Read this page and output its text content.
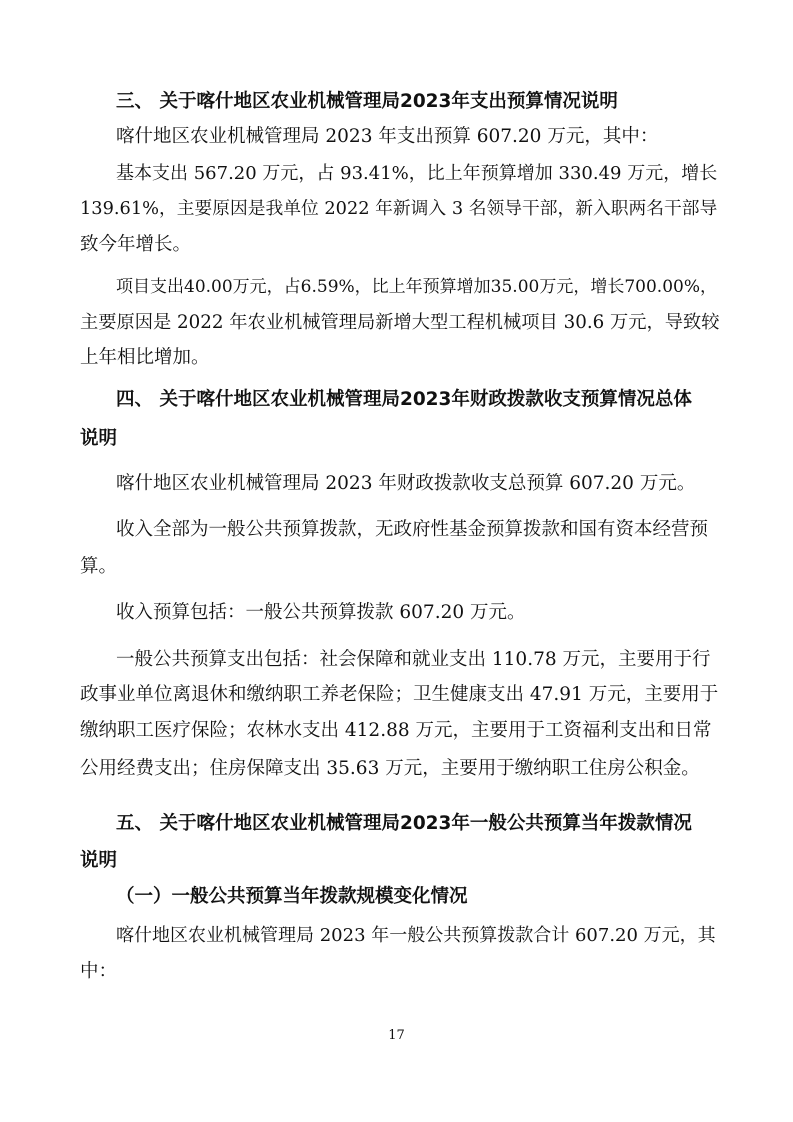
三、 关于喀什地区农业机械管理局2023年支出预算情况说明
喀什地区农业机械管理局 2023 年支出预算 607.20 万元，其中：
基本支出 567.20 万元，占 93.41%，比上年预算增加 330.49 万元，增长
139.61%，主要原因是我单位 2022 年新调入 3 名领导干部，新入职两名干部导
致今年增长。
项目支出40.00万元，占6.59%，比上年预算增加35.00万元，增长700.00%，
主要原因是 2022 年农业机械管理局新增大型工程机械项目 30.6 万元，导致较
上年相比增加。
四、 关于喀什地区农业机械管理局2023年财政拨款收支预算情况总体
说明
喀什地区农业机械管理局 2023 年财政拨款收支总预算 607.20 万元。
收入全部为一般公共预算拨款，无政府性基金预算拨款和国有资本经营预
算。
收入预算包括：一般公共预算拨款 607.20 万元。
一般公共预算支出包括：社会保障和就业支出 110.78 万元，主要用于行
政事业单位离退休和缴纳职工养老保险；卫生健康支出 47.91 万元，主要用于
缴纳职工医疗保险；农林水支出 412.88 万元，主要用于工资福利支出和日常
公用经费支出；住房保障支出 35.63 万元，主要用于缴纳职工住房公积金。
五、 关于喀什地区农业机械管理局2023年一般公共预算当年拨款情况
说明
（一）一般公共预算当年拨款规模变化情况
喀什地区农业机械管理局 2023 年一般公共预算拨款合计 607.20 万元，其
中：
17
